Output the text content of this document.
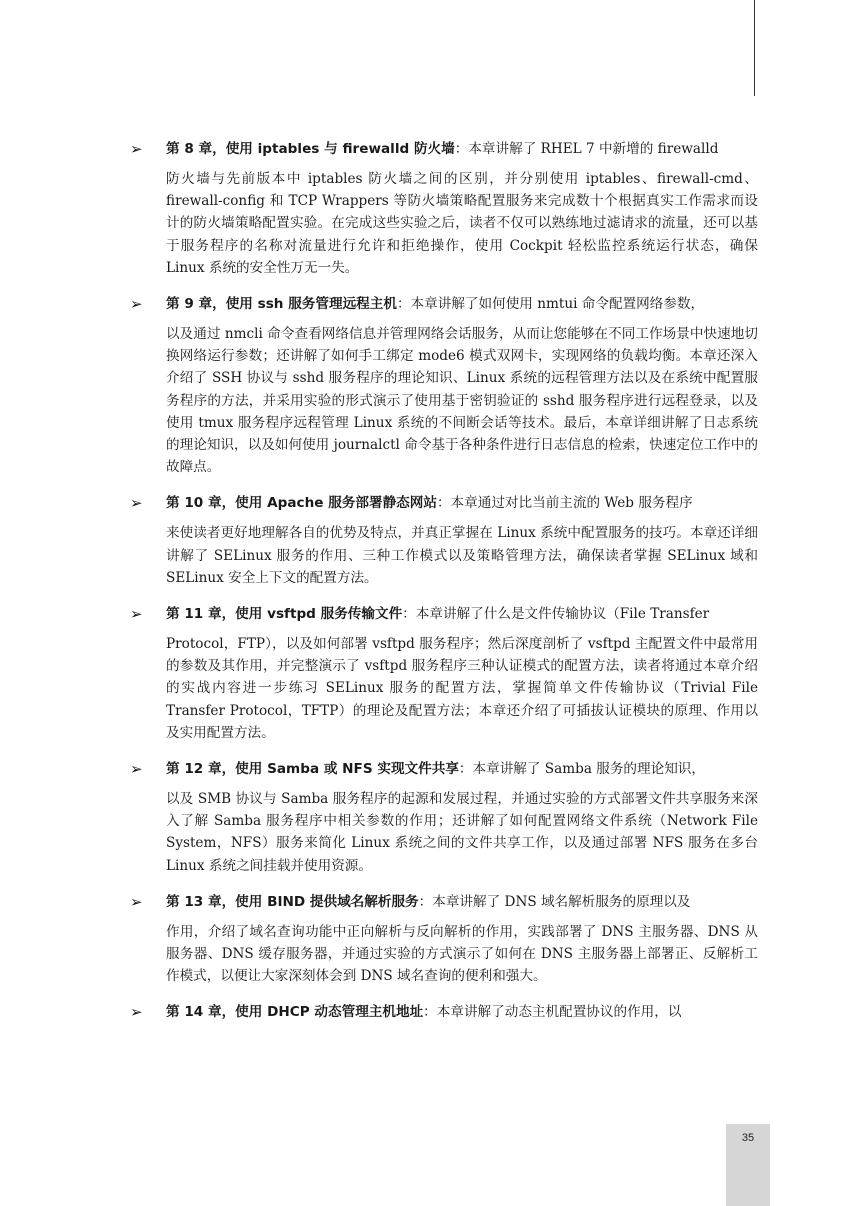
➢	第 8 章，使用 iptables 与 firewalld 防火墙：本章讲解了 RHEL 7 中新增的 firewalld
防火墙与先前版本中 iptables 防火墙之间的区别，并分别使用 iptables、firewall-cmd、firewall-config 和 TCP Wrappers 等防火墙策略配置服务来完成数十个根据真实工作需求而设计的防火墙策略配置实验。在完成这些实验之后，读者不仅可以熟练地过滤请求的流量，还可以基于服务程序的名称对流量进行允许和拒绝操作，使用 Cockpit 轻松监控系统运行状态，确保 Linux 系统的安全性万无一失。
➢	第 9 章，使用 ssh 服务管理远程主机：本章讲解了如何使用 nmtui 命令配置网络参数，
以及通过 nmcli 命令查看网络信息并管理网络会话服务，从而让您能够在不同工作场景中快速地切换网络运行参数；还讲解了如何手工绑定 mode6 模式双网卡，实现网络的负载均衡。本章还深入介绍了 SSH 协议与 sshd 服务程序的理论知识、Linux 系统的远程管理方法以及在系统中配置服务程序的方法，并采用实验的形式演示了使用基于密钥验证的 sshd 服务程序进行远程登录，以及使用 tmux 服务程序远程管理 Linux 系统的不间断会话等技术。最后，本章详细讲解了日志系统的理论知识，以及如何使用 journalctl 命令基于各种条件进行日志信息的检索，快速定位工作中的故障点。
➢	第 10 章，使用 Apache 服务部署静态网站：本章通过对比当前主流的 Web 服务程序
来使读者更好地理解各自的优势及特点，并真正掌握在 Linux 系统中配置服务的技巧。本章还详细讲解了 SELinux 服务的作用、三种工作模式以及策略管理方法，确保读者掌握 SELinux 域和 SELinux 安全上下文的配置方法。
➢	第 11 章，使用 vsftpd 服务传输文件：本章讲解了什么是文件传输协议（File Transfer
Protocol，FTP），以及如何部署 vsftpd 服务程序；然后深度剖析了 vsftpd 主配置文件中最常用的参数及其作用，并完整演示了 vsftpd 服务程序三种认证模式的配置方法，读者将通过本章介绍的实战内容进一步练习 SELinux 服务的配置方法，掌握简单文件传输协议（Trivial File Transfer Protocol，TFTP）的理论及配置方法；本章还介绍了可插拔认证模块的原理、作用以及实用配置方法。
➢	第 12 章，使用 Samba 或 NFS 实现文件共享：本章讲解了 Samba 服务的理论知识，
以及 SMB 协议与 Samba 服务程序的起源和发展过程，并通过实验的方式部署文件共享服务来深入了解 Samba 服务程序中相关参数的作用；还讲解了如何配置网络文件系统（Network File System，NFS）服务来简化 Linux 系统之间的文件共享工作，以及通过部署 NFS 服务在多台 Linux 系统之间挂载并使用资源。
➢	第 13 章，使用 BIND 提供域名解析服务：本章讲解了 DNS 域名解析服务的原理以及
作用，介绍了域名查询功能中正向解析与反向解析的作用，实践部署了 DNS 主服务器、DNS 从服务器、DNS 缓存服务器，并通过实验的方式演示了如何在 DNS 主服务器上部署正、反解析工作模式，以便让大家深刻体会到 DNS 域名查询的便利和强大。
➢	第 14 章，使用 DHCP 动态管理主机地址：本章讲解了动态主机配置协议的作用，以
35
